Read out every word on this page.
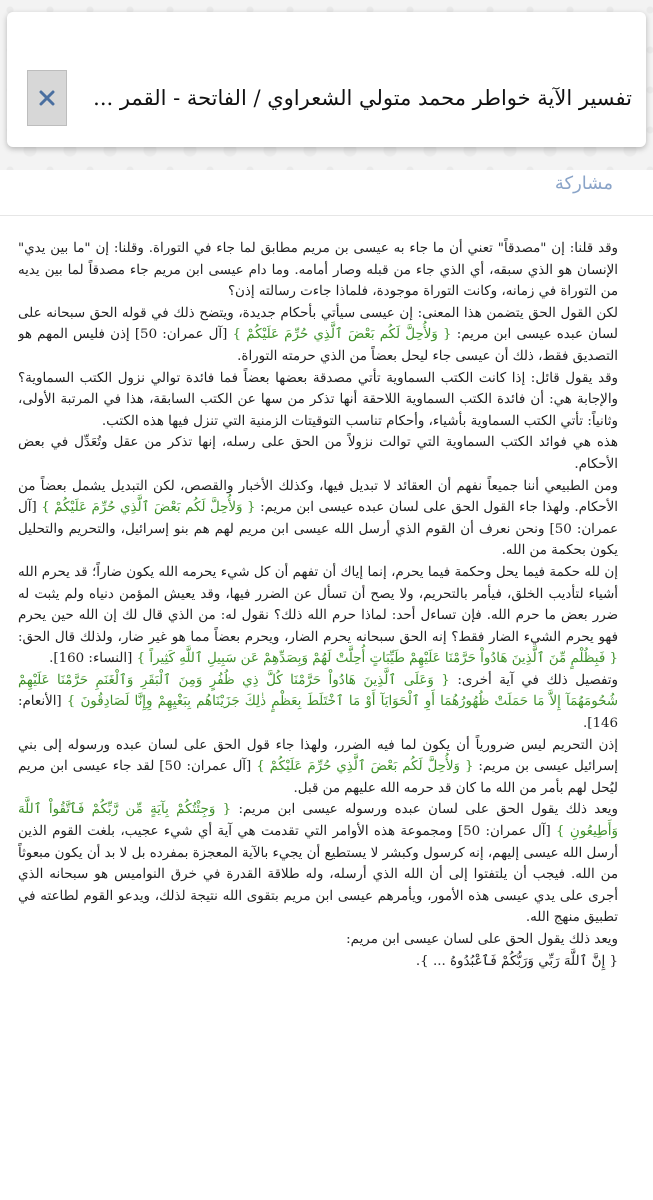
تفسير الآية خواطر محمد متولي الشعراوي / الفاتحة - القمر ...
مشاركة

وقد قلنا: إن "مصدقاً" تعني أن ما جاء به عيسى بن مريم مطابق لما جاء في التوراة. وقلنا: إن "ما بين يدي" الإنسان هو الذي سبقه، أي الذي جاء من قبله وصار أمامه. وما دام عيسى ابن مريم جاء مصدقاً لما بين يديه من التوراة في زمانه، وكانت التوراة موجودة، فلماذا جاءت رسالته إذن؟

لكن القول الحق يتضمن هذا المعنى: إن عيسى سيأتي بأحكام جديدة، ويتضح ذلك في قوله الحق سبحانه على لسان عبده عيسى ابن مريم: { وَلأُحِلَّ لَكُم بَعْضَ ٱلَّذِي حُرِّمَ عَلَيْكُمْ } [آل عمران: 50] إذن فليس المهم هو التصديق فقط، ذلك أن عيسى جاء ليحل بعضاً من الذي حرمته التوراة.

وقد يقول قائل: إذا كانت الكتب السماوية تأتي مصدقة بعضها بعضاً فما فائدة توالي نزول الكتب السماوية؟ والإجابة هي: أن فائدة الكتب السماوية اللاحقة أنها تذكر من سها عن الكتب السابقة، هذا في المرتبة الأولى، وثانياً: تأتي الكتب السماوية بأشياء، وأحكام تناسب التوقيتات الزمنية التي تنزل فيها هذه الكتب.

هذه هي فوائد الكتب السماوية التي توالت نزولاً من الحق على رسله، إنها تذكر من عقل وتُعَدِّل في بعض الأحكام.

ومن الطبيعي أننا جميعاً نفهم أن العقائد لا تبديل فيها، وكذلك الأخبار والقصص، لكن التبديل يشمل بعضاً من الأحكام. ولهذا جاء القول الحق على لسان عبده عيسى ابن مريم: { وَلأُحِلَّ لَكُم بَعْضَ ٱلَّذِي حُرِّمَ عَلَيْكُمْ } [آل عمران: 50] ونحن نعرف أن القوم الذي أرسل الله عيسى ابن مريم لهم هم بنو إسرائيل، والتحريم والتحليل يكون بحكمة من الله.

إن لله حكمة فيما يحل وحكمة فيما يحرم، إنما إياك أن تفهم أن كل شيء يحرمه الله يكون ضاراً؛ قد يحرم الله أشياء لتأديب الخلق، فيأمر بالتحريم، ولا يصح أن تسأل عن الضرر فيها، وقد يعيش المؤمن دنياه ولم يثبت له ضرر بعض ما حرم الله. فإن تساءل أحد: لماذا حرم الله ذلك؟ نقول له: من الذي قال لك إن الله حين يحرم فهو يحرم الشيء الضار فقط؟ إنه الحق سبحانه يحرم الضار، ويحرم بعضاً مما هو غير ضار، ولذلك قال الحق: { فَبِظُلْمٍ مِّنَ ٱلَّذِينَ هَادُواْ حَرَّمْنَا عَلَيْهِمْ طَيِّبَاتٍ أُحِلَّتْ لَهُمْ وَبِصَدِّهِمْ عَن سَبِيلِ ٱللَّهِ كَثِيراً } [النساء: 160].

وتفصيل ذلك في آية أخرى: { وَعَلَى ٱلَّذِينَ هَادُواْ حَرَّمْنَا كُلَّ ذِي ظُفُرٍ وَمِنَ ٱلْبَقَرِ وَٱلْغَنَمِ حَرَّمْنَا عَلَيْهِمْ شُحُومَهُمَآ إِلاَّ مَا حَمَلَتْ ظُهُورُهُمَا أَوِ ٱلْحَوَايَآ أَوْ مَا ٱخْتَلَطَ بِعَظْمٍ ذٰلِكَ جَزَيْنَاهُم بِبَغْيِهِمْ وِإِنَّا لَصَادِقُونَ } [الأنعام: 146].

إذن التحريم ليس ضرورياً أن يكون لما فيه الضرر، ولهذا جاء قول الحق على لسان عبده ورسوله إلى بني إسرائيل عيسى بن مريم: { وَلأُحِلَّ لَكُم بَعْضَ ٱلَّذِي حُرِّمَ عَلَيْكُمْ } [آل عمران: 50] لقد جاء عيسى ابن مريم ليُحل لهم بأمر من الله ما كان قد حرمه الله عليهم من قبل.

ويعد ذلك يقول الحق على لسان عبده ورسوله عيسى ابن مريم: { وَجِئْتُكُمْ بِآيَةٍ مِّن رَّبِّكُمْ فَٱتَّقُواْ ٱللَّهَ وَأَطِيعُونِ } [آل عمران: 50] ومجموعة هذه الأوامر التي تقدمت هي آية أي شيء عجيب، بلغت القوم الذين أرسل الله عيسى إليهم، إنه كرسول وكبشر لا يستطيع أن يجيء بالآية المعجزة بمفرده بل لا بد أن يكون مبعوثاً من الله. فيجب أن يلتفتوا إلى أن الله الذي أرسله، وله طلاقة القدرة في خرق النواميس هو سبحانه الذي أجرى على يدي عيسى هذه الأمور، ويأمرهم عيسى ابن مريم بتقوى الله نتيجة لذلك، ويدعو القوم لطاعته في تطبيق منهج الله.

ويعد ذلك يقول الحق على لسان عيسى ابن مريم:

{ إِنَّ ٱللَّهَ رَبِّي وَرَبُّكُمْ فَٱعْبُدُوهُ ... }.
